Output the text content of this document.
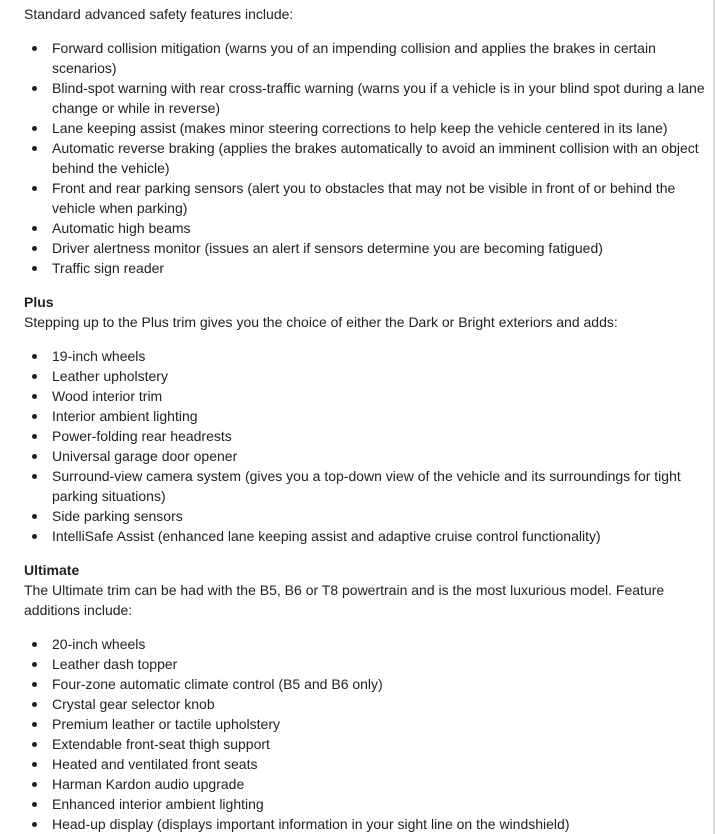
Standard advanced safety features include:

Forward collision mitigation (warns you of an impending collision and applies the brakes in certain scenarios)
Blind-spot warning with rear cross-traffic warning (warns you if a vehicle is in your blind spot during a lane change or while in reverse)
Lane keeping assist (makes minor steering corrections to help keep the vehicle centered in its lane)
Automatic reverse braking (applies the brakes automatically to avoid an imminent collision with an object behind the vehicle)
Front and rear parking sensors (alert you to obstacles that may not be visible in front of or behind the vehicle when parking)
Automatic high beams
Driver alertness monitor (issues an alert if sensors determine you are becoming fatigued)
Traffic sign reader

Plus

Stepping up to the Plus trim gives you the choice of either the Dark or Bright exteriors and adds:

19-inch wheels
Leather upholstery
Wood interior trim
Interior ambient lighting
Power-folding rear headrests
Universal garage door opener
Surround-view camera system (gives you a top-down view of the vehicle and its surroundings for tight parking situations)
Side parking sensors
IntelliSafe Assist (enhanced lane keeping assist and adaptive cruise control functionality)

Ultimate

The Ultimate trim can be had with the B5, B6 or T8 powertrain and is the most luxurious model. Feature additions include:

20-inch wheels
Leather dash topper
Four-zone automatic climate control (B5 and B6 only)
Crystal gear selector knob
Premium leather or tactile upholstery
Extendable front-seat thigh support
Heated and ventilated front seats
Harman Kardon audio upgrade
Enhanced interior ambient lighting
Head-up display (displays important information in your sight line on the windshield)
